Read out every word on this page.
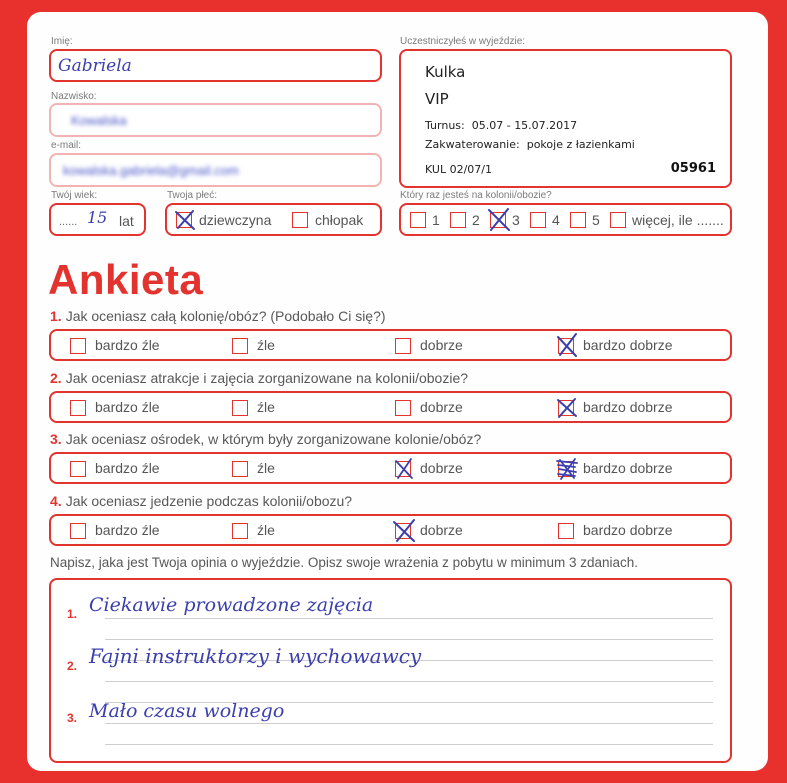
Imię:
Gabriela
Nazwisko:
Kowalska
e-mail:
kowalska.gabriela@gmail.com
Twój wiek:
...... 15 lat
Twoja płeć:
dziewczyna	chłopak
Uczestniczyłeś w wyjeździe:
Kulka
VIP
Turnus: 05.07 - 15.07.2017
Zakwaterowanie: pokoje z łazienkami
KUL 02/07/1	05961
Który raz jesteś na kolonii/obozie?
1 2 3 4 5 więcej, ile .......
Ankieta
1. Jak oceniasz całą kolonię/obóz? (Podobało Ci się?)
bardzo źle	źle	dobrze	bardzo dobrze
2. Jak oceniasz atrakcje i zajęcia zorganizowane na kolonii/obozie?
bardzo źle	źle	dobrze	bardzo dobrze
3. Jak oceniasz ośrodek, w którym były zorganizowane kolonie/obóz?
bardzo źle	źle	dobrze	bardzo dobrze
4. Jak oceniasz jedzenie podczas kolonii/obozu?
bardzo źle	źle	dobrze	bardzo dobrze
Napisz, jaka jest Twoja opinia o wyjeździe. Opisz swoje wrażenia z pobytu w minimum 3 zdaniach.
1. Ciekawie prowadzone zajęcia
2. Fajni instruktorzy i wychowawcy
3. Mało czasu wolnego
